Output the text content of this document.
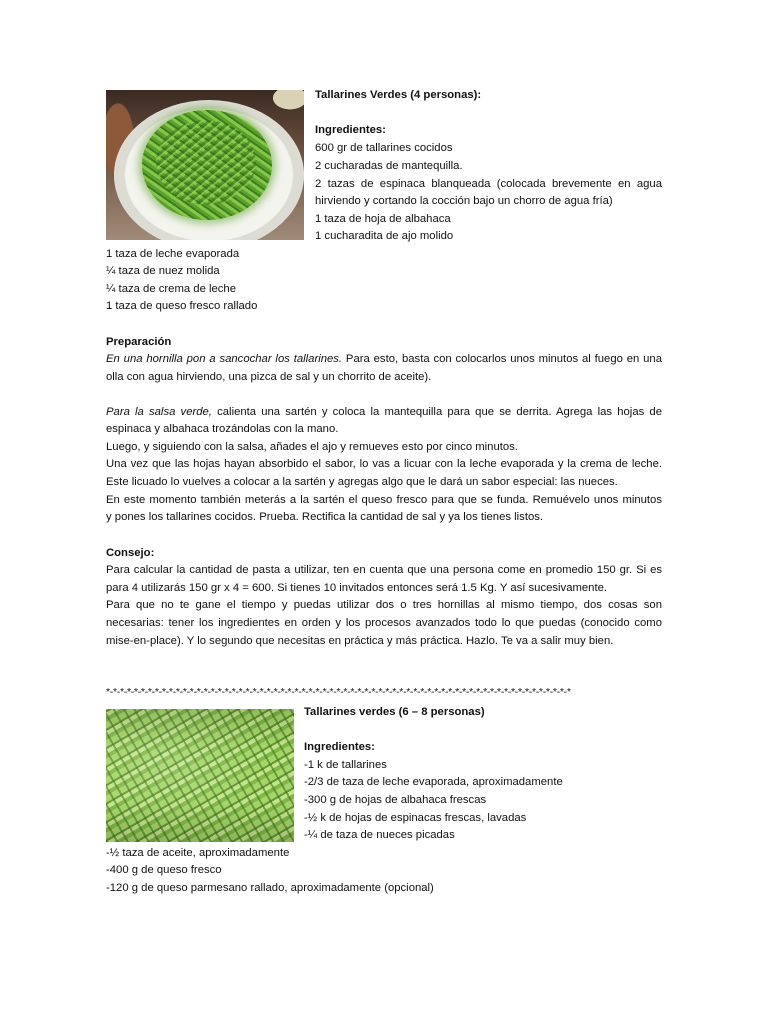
Tallarines Verdes (4 personas):
Ingredientes:
600 gr de tallarines cocidos
2 cucharadas de mantequilla.
2 tazas de espinaca blanqueada (colocada brevemente en agua
hirviendo y cortando la cocción bajo un chorro de agua fría)
1 taza de hoja de albahaca
1 cucharadita de ajo molido
1 taza de leche evaporada
¼ taza de nuez molida
¼ taza de crema de leche
1 taza de queso fresco rallado
Preparación
En una hornilla pon a sancochar los tallarines. Para esto, basta con colocarlos unos minutos al fuego en una
olla con agua hirviendo, una pizca de sal y un chorrito de aceite).
Para la salsa verde, calienta una sartén y coloca la mantequilla para que se derrita. Agrega las hojas de
espinaca y albahaca trozándolas con la mano.
Luego, y siguiendo con la salsa, añades el ajo y remueves esto por cinco minutos.
Una vez que las hojas hayan absorbido el sabor, lo vas a licuar con la leche evaporada y la crema de leche.
Este licuado lo vuelves a colocar a la sartén y agregas algo que le dará un sabor especial: las nueces.
En este momento también meterás a la sartén el queso fresco para que se funda. Remuévelo unos minutos
y pones los tallarines cocidos. Prueba. Rectifica la cantidad de sal y ya los tienes listos.
Consejo:
Para calcular la cantidad de pasta a utilizar, ten en cuenta que una persona come en promedio 150 gr. Si es
para 4 utilizarás 150 gr x 4 = 600. Si tienes 10 invitados entonces será 1.5 Kg. Y así sucesivamente.
Para que no te gane el tiempo y puedas utilizar dos o tres hornillas al mismo tiempo, dos cosas son
necesarias: tener los ingredientes en orden y los procesos avanzados todo lo que puedas (conocido como
mise-en-place). Y lo segundo que necesitas en práctica y más práctica. Hazlo. Te va a salir muy bien.
*-*-*-*-*-*-*-*-*-*-*-*-*-*-*-*-*-*-*-*-*-*-*-*-*-*-*-*-*-*-*-*-*-*-*-*-*-*-*-*-*-*-*-*-*-*-*-*-*-*-*-*-*-*-*-*-*-*-*-*-*-*-*-*-*-*-*
Tallarines verdes (6 – 8 personas)
Ingredientes:
-1 k de tallarines
-2/3 de taza de leche evaporada, aproximadamente
-300 g de hojas de albahaca frescas
-½ k de hojas de espinacas frescas, lavadas
-¼ de taza de nueces picadas
-½ taza de aceite, aproximadamente
-400 g de queso fresco
-120 g de queso parmesano rallado, aproximadamente (opcional)
